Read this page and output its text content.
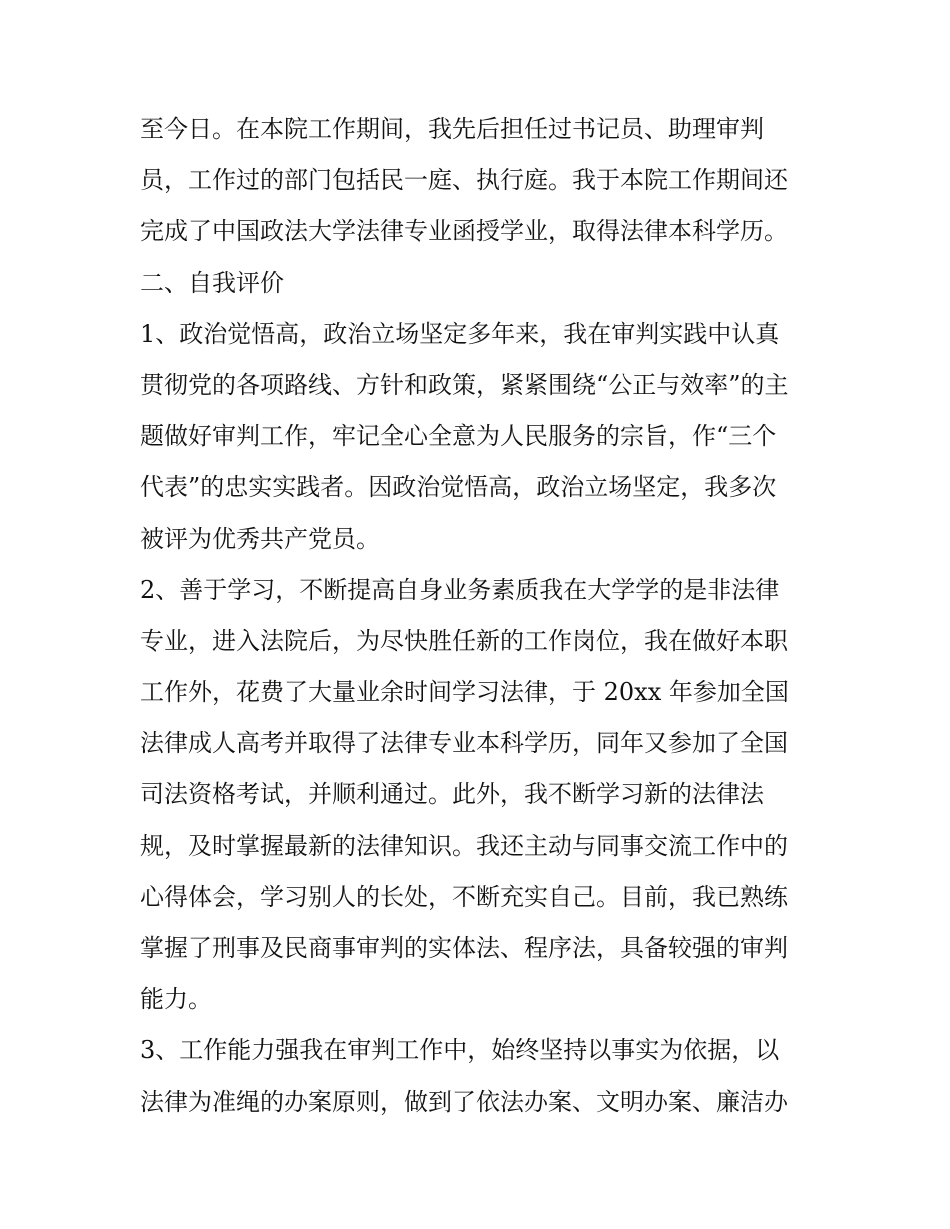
至今日。在本院工作期间，我先后担任过书记员、助理审判
员，工作过的部门包括民一庭、执行庭。我于本院工作期间还
完成了中国政法大学法律专业函授学业，取得法律本科学历。
二、自我评价
1、政治觉悟高，政治立场坚定多年来，我在审判实践中认真
贯彻党的各项路线、方针和政策，紧紧围绕“公正与效率”的主
题做好审判工作，牢记全心全意为人民服务的宗旨，作“三个
代表”的忠实实践者。因政治觉悟高，政治立场坚定，我多次
被评为优秀共产党员。
2、善于学习，不断提高自身业务素质我在大学学的是非法律
专业，进入法院后，为尽快胜任新的工作岗位，我在做好本职
工作外，花费了大量业余时间学习法律，于 20xx 年参加全国
法律成人高考并取得了法律专业本科学历，同年又参加了全国
司法资格考试，并顺利通过。此外，我不断学习新的法律法
规，及时掌握最新的法律知识。我还主动与同事交流工作中的
心得体会，学习别人的长处，不断充实自己。目前，我已熟练
掌握了刑事及民商事审判的实体法、程序法，具备较强的审判
能力。
3、工作能力强我在审判工作中，始终坚持以事实为依据，以
法律为准绳的办案原则，做到了依法办案、文明办案、廉洁办
